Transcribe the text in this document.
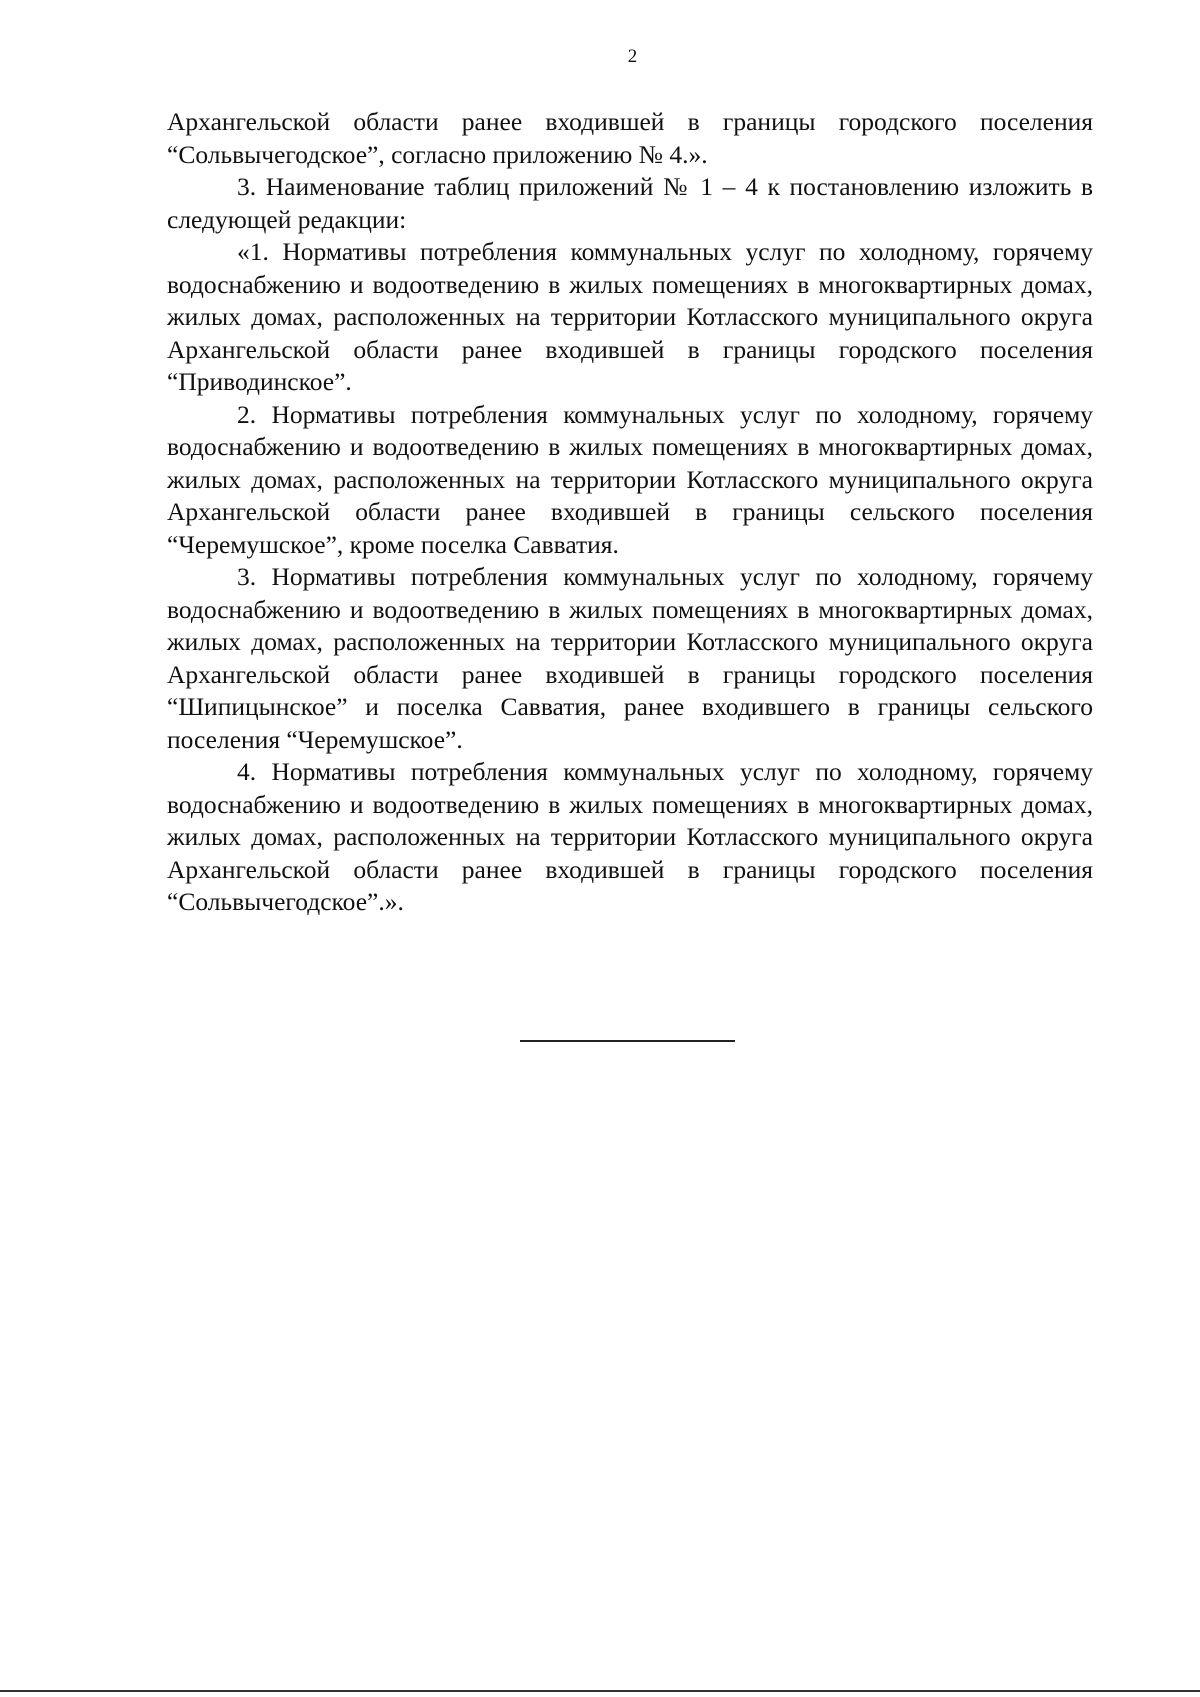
2

Архангельской области ранее входившей в границы городского поселения “Сольвычегодское”, согласно приложению № 4.».

3. Наименование таблиц приложений № 1 – 4 к постановлению изложить в следующей редакции:

«1. Нормативы потребления коммунальных услуг по холодному, горячему водоснабжению и водоотведению в жилых помещениях в многоквартирных домах, жилых домах, расположенных на территории Котласского муниципального округа Архангельской области ранее входившей в границы городского поселения “Приводинское”.

2. Нормативы потребления коммунальных услуг по холодному, горячему водоснабжению и водоотведению в жилых помещениях в многоквартирных домах, жилых домах, расположенных на территории Котласского муниципального округа Архангельской области ранее входившей в границы сельского поселения “Черемушское”, кроме поселка Савватия.

3. Нормативы потребления коммунальных услуг по холодному, горячему водоснабжению и водоотведению в жилых помещениях в многоквартирных домах, жилых домах, расположенных на территории Котласского муниципального округа Архангельской области ранее входившей в границы городского поселения “Шипицынское” и поселка Савватия, ранее входившего в границы сельского поселения “Черемушское”.

4. Нормативы потребления коммунальных услуг по холодному, горячему водоснабжению и водоотведению в жилых помещениях в многоквартирных домах, жилых домах, расположенных на территории Котласского муниципального округа Архангельской области ранее входившей в границы городского поселения “Сольвычегодское”.».
